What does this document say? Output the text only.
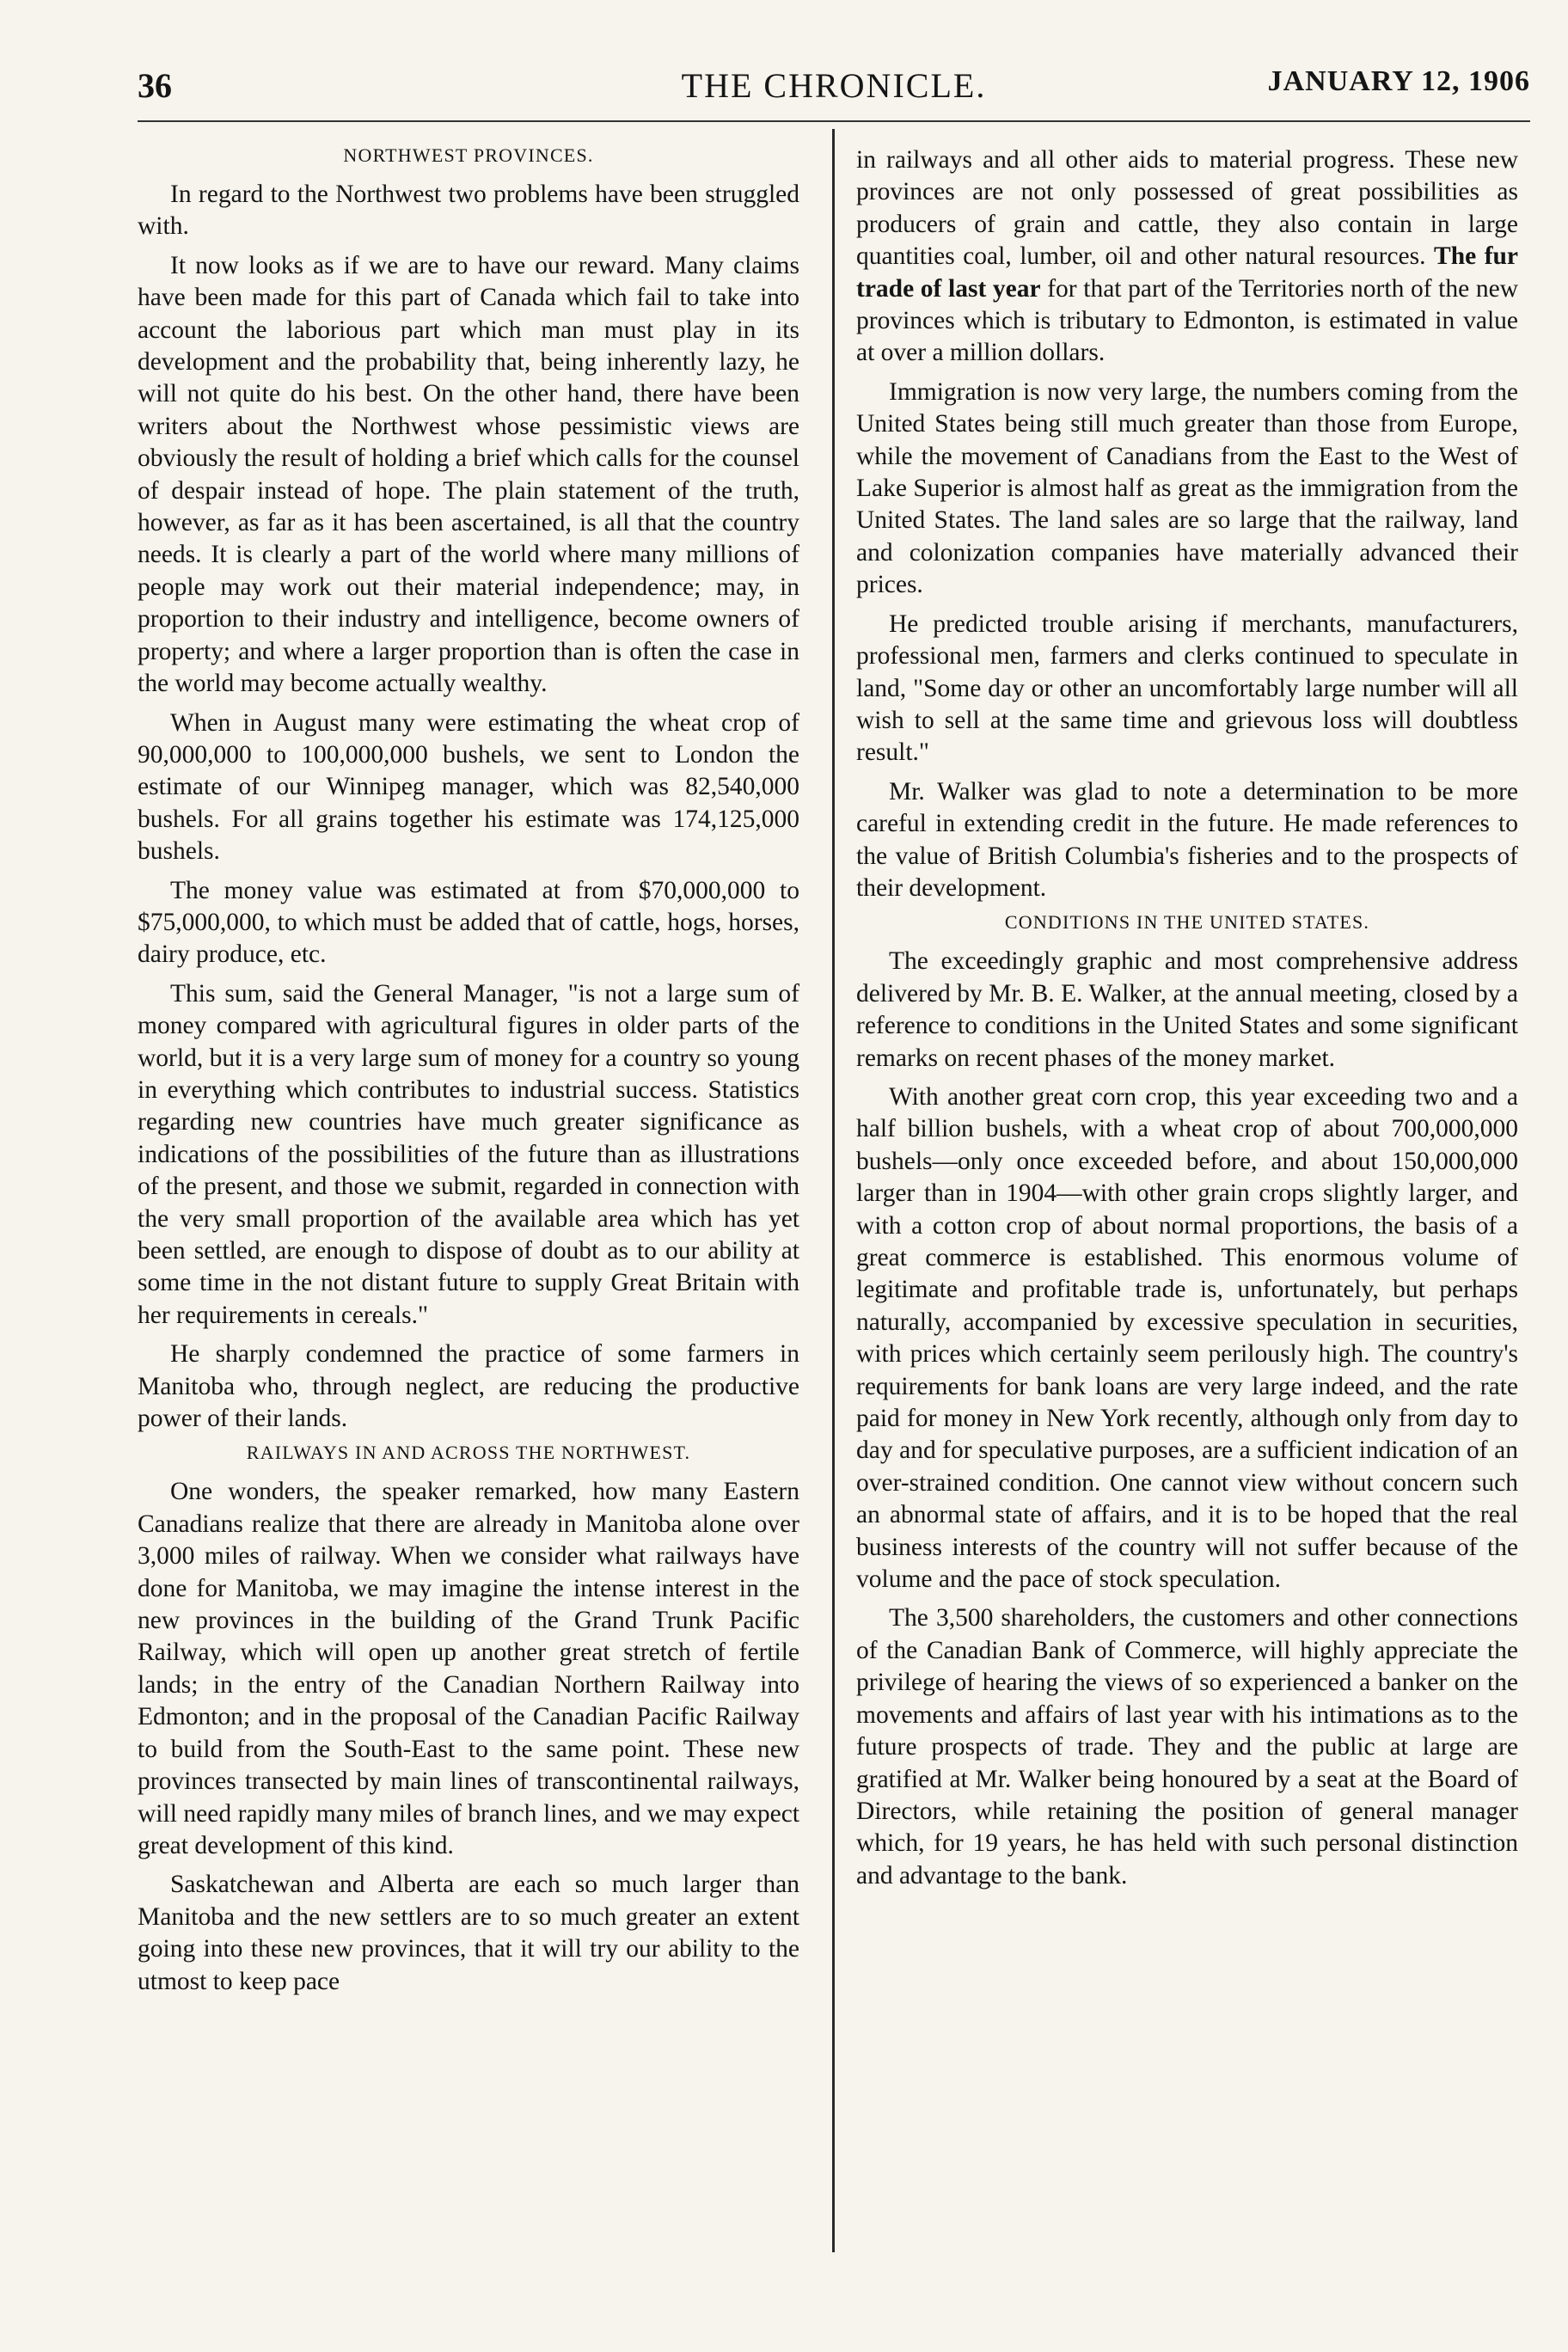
36	THE CHRONICLE.	JANUARY 12, 1906
NORTHWEST PROVINCES.

In regard to the Northwest two problems have been struggled with.

It now looks as if we are to have our reward. Many claims have been made for this part of Canada which fail to take into account the laborious part which man must play in its development and the probability that, being inherently lazy, he will not quite do his best. On the other hand, there have been writers about the Northwest whose pessimistic views are obviously the result of holding a brief which calls for the counsel of despair instead of hope. The plain statement of the truth, however, as far as it has been ascertained, is all that the country needs. It is clearly a part of the world where many millions of people may work out their material independence; may, in proportion to their industry and intelligence, become owners of property; and where a larger proportion than is often the case in the world may become actually wealthy.

When in August many were estimating the wheat crop of 90,000,000 to 100,000,000 bushels, we sent to London the estimate of our Winnipeg manager, which was 82,540,000 bushels. For all grains together his estimate was 174,125,000 bushels.

The money value was estimated at from $70,000,000 to $75,000,000, to which must be added that of cattle, hogs, horses, dairy produce, etc.

This sum, said the General Manager, "is not a large sum of money compared with agricultural figures in older parts of the world, but it is a very large sum of money for a country so young in everything which contributes to industrial success. Statistics regarding new countries have much greater significance as indications of the possibilities of the future than as illustrations of the present, and those we submit, regarded in connection with the very small proportion of the available area which has yet been settled, are enough to dispose of doubt as to our ability at some time in the not distant future to supply Great Britain with her requirements in cereals."

He sharply condemned the practice of some farmers in Manitoba who, through neglect, are reducing the productive power of their lands.

RAILWAYS IN AND ACROSS THE NORTHWEST.

One wonders, the speaker remarked, how many Eastern Canadians realize that there are already in Manitoba alone over 3,000 miles of railway. When we consider what railways have done for Manitoba, we may imagine the intense interest in the new provinces in the building of the Grand Trunk Pacific Railway, which will open up another great stretch of fertile lands; in the entry of the Canadian Northern Railway into Edmonton; and in the proposal of the Canadian Pacific Railway to build from the South-East to the same point. These new provinces transected by main lines of transcontinental railways, will need rapidly many miles of branch lines, and we may expect great development of this kind.

Saskatchewan and Alberta are each so much larger than Manitoba and the new settlers are to so much greater an extent going into these new provinces, that it will try our ability to the utmost to keep pace

in railways and all other aids to material progress. These new provinces are not only possessed of great possibilities as producers of grain and cattle, they also contain in large quantities coal, lumber, oil and other natural resources. The fur trade of last year for that part of the Territories north of the new provinces which is tributary to Edmonton, is estimated in value at over a million dollars.

Immigration is now very large, the numbers coming from the United States being still much greater than those from Europe, while the movement of Canadians from the East to the West of Lake Superior is almost half as great as the immigration from the United States. The land sales are so large that the railway, land and colonization companies have materially advanced their prices.

He predicted trouble arising if merchants, manufacturers, professional men, farmers and clerks continued to speculate in land, "Some day or other an uncomfortably large number will all wish to sell at the same time and grievous loss will doubtless result."

Mr. Walker was glad to note a determination to be more careful in extending credit in the future. He made references to the value of British Columbia's fisheries and to the prospects of their development.

CONDITIONS IN THE UNITED STATES.

The exceedingly graphic and most comprehensive address delivered by Mr. B. E. Walker, at the annual meeting, closed by a reference to conditions in the United States and some significant remarks on recent phases of the money market.

With another great corn crop, this year exceeding two and a half billion bushels, with a wheat crop of about 700,000,000 bushels—only once exceeded before, and about 150,000,000 larger than in 1904—with other grain crops slightly larger, and with a cotton crop of about normal proportions, the basis of a great commerce is established. This enormous volume of legitimate and profitable trade is, unfortunately, but perhaps naturally, accompanied by excessive speculation in securities, with prices which certainly seem perilously high. The country's requirements for bank loans are very large indeed, and the rate paid for money in New York recently, although only from day to day and for speculative purposes, are a sufficient indication of an over-strained condition. One cannot view without concern such an abnormal state of affairs, and it is to be hoped that the real business interests of the country will not suffer because of the volume and the pace of stock speculation.

The 3,500 shareholders, the customers and other connections of the Canadian Bank of Commerce, will highly appreciate the privilege of hearing the views of so experienced a banker on the movements and affairs of last year with his intimations as to the future prospects of trade. They and the public at large are gratified at Mr. Walker being honoured by a seat at the Board of Directors, while retaining the position of general manager which, for 19 years, he has held with such personal distinction and advantage to the bank.
